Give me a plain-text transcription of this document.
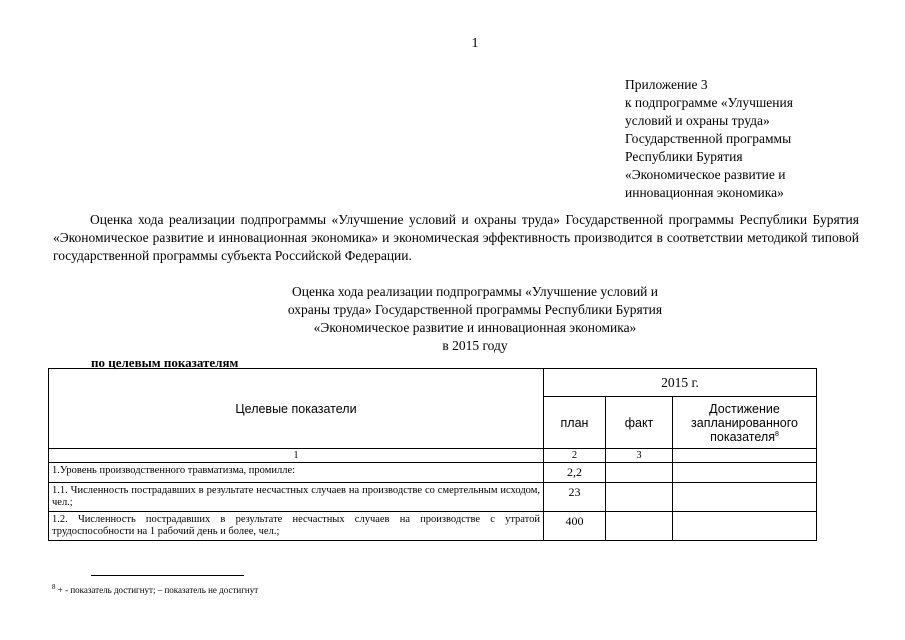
1
Приложение 3
к подпрограмме «Улучшения
условий и охраны труда»
Государственной программы
Республики Бурятия
«Экономическое развитие и
инновационная экономика»
Оценка хода реализации подпрограммы «Улучшение условий и охраны труда» Государственной программы Республики Бурятия «Экономическое развитие и инновационная экономика» и экономическая эффективность производится в соответствии методикой типовой государственной программы субъекта Российской Федерации.
Оценка хода реализации подпрограммы «Улучшение условий и
охраны труда» Государственной программы Республики Бурятия
«Экономическое развитие и инновационная экономика»
в 2015 году
по целевым показателям
Целевые показатели	2015 г.		
	план	факт	Достижение запланированного показателя$^8$
1	2	3	
1.Уровень производственного травматизма, промилле:	2,2		
1.1. Численность пострадавших в результате несчастных случаев на производстве со смертельным исходом, чел.;	23		
1.2. Численность пострадавших в результате несчастных случаев на производстве с утратой трудоспособности на 1 рабочий день и более, чел.;	400		
$^8$ + - показатель достигнут; – показатель не достигнут
